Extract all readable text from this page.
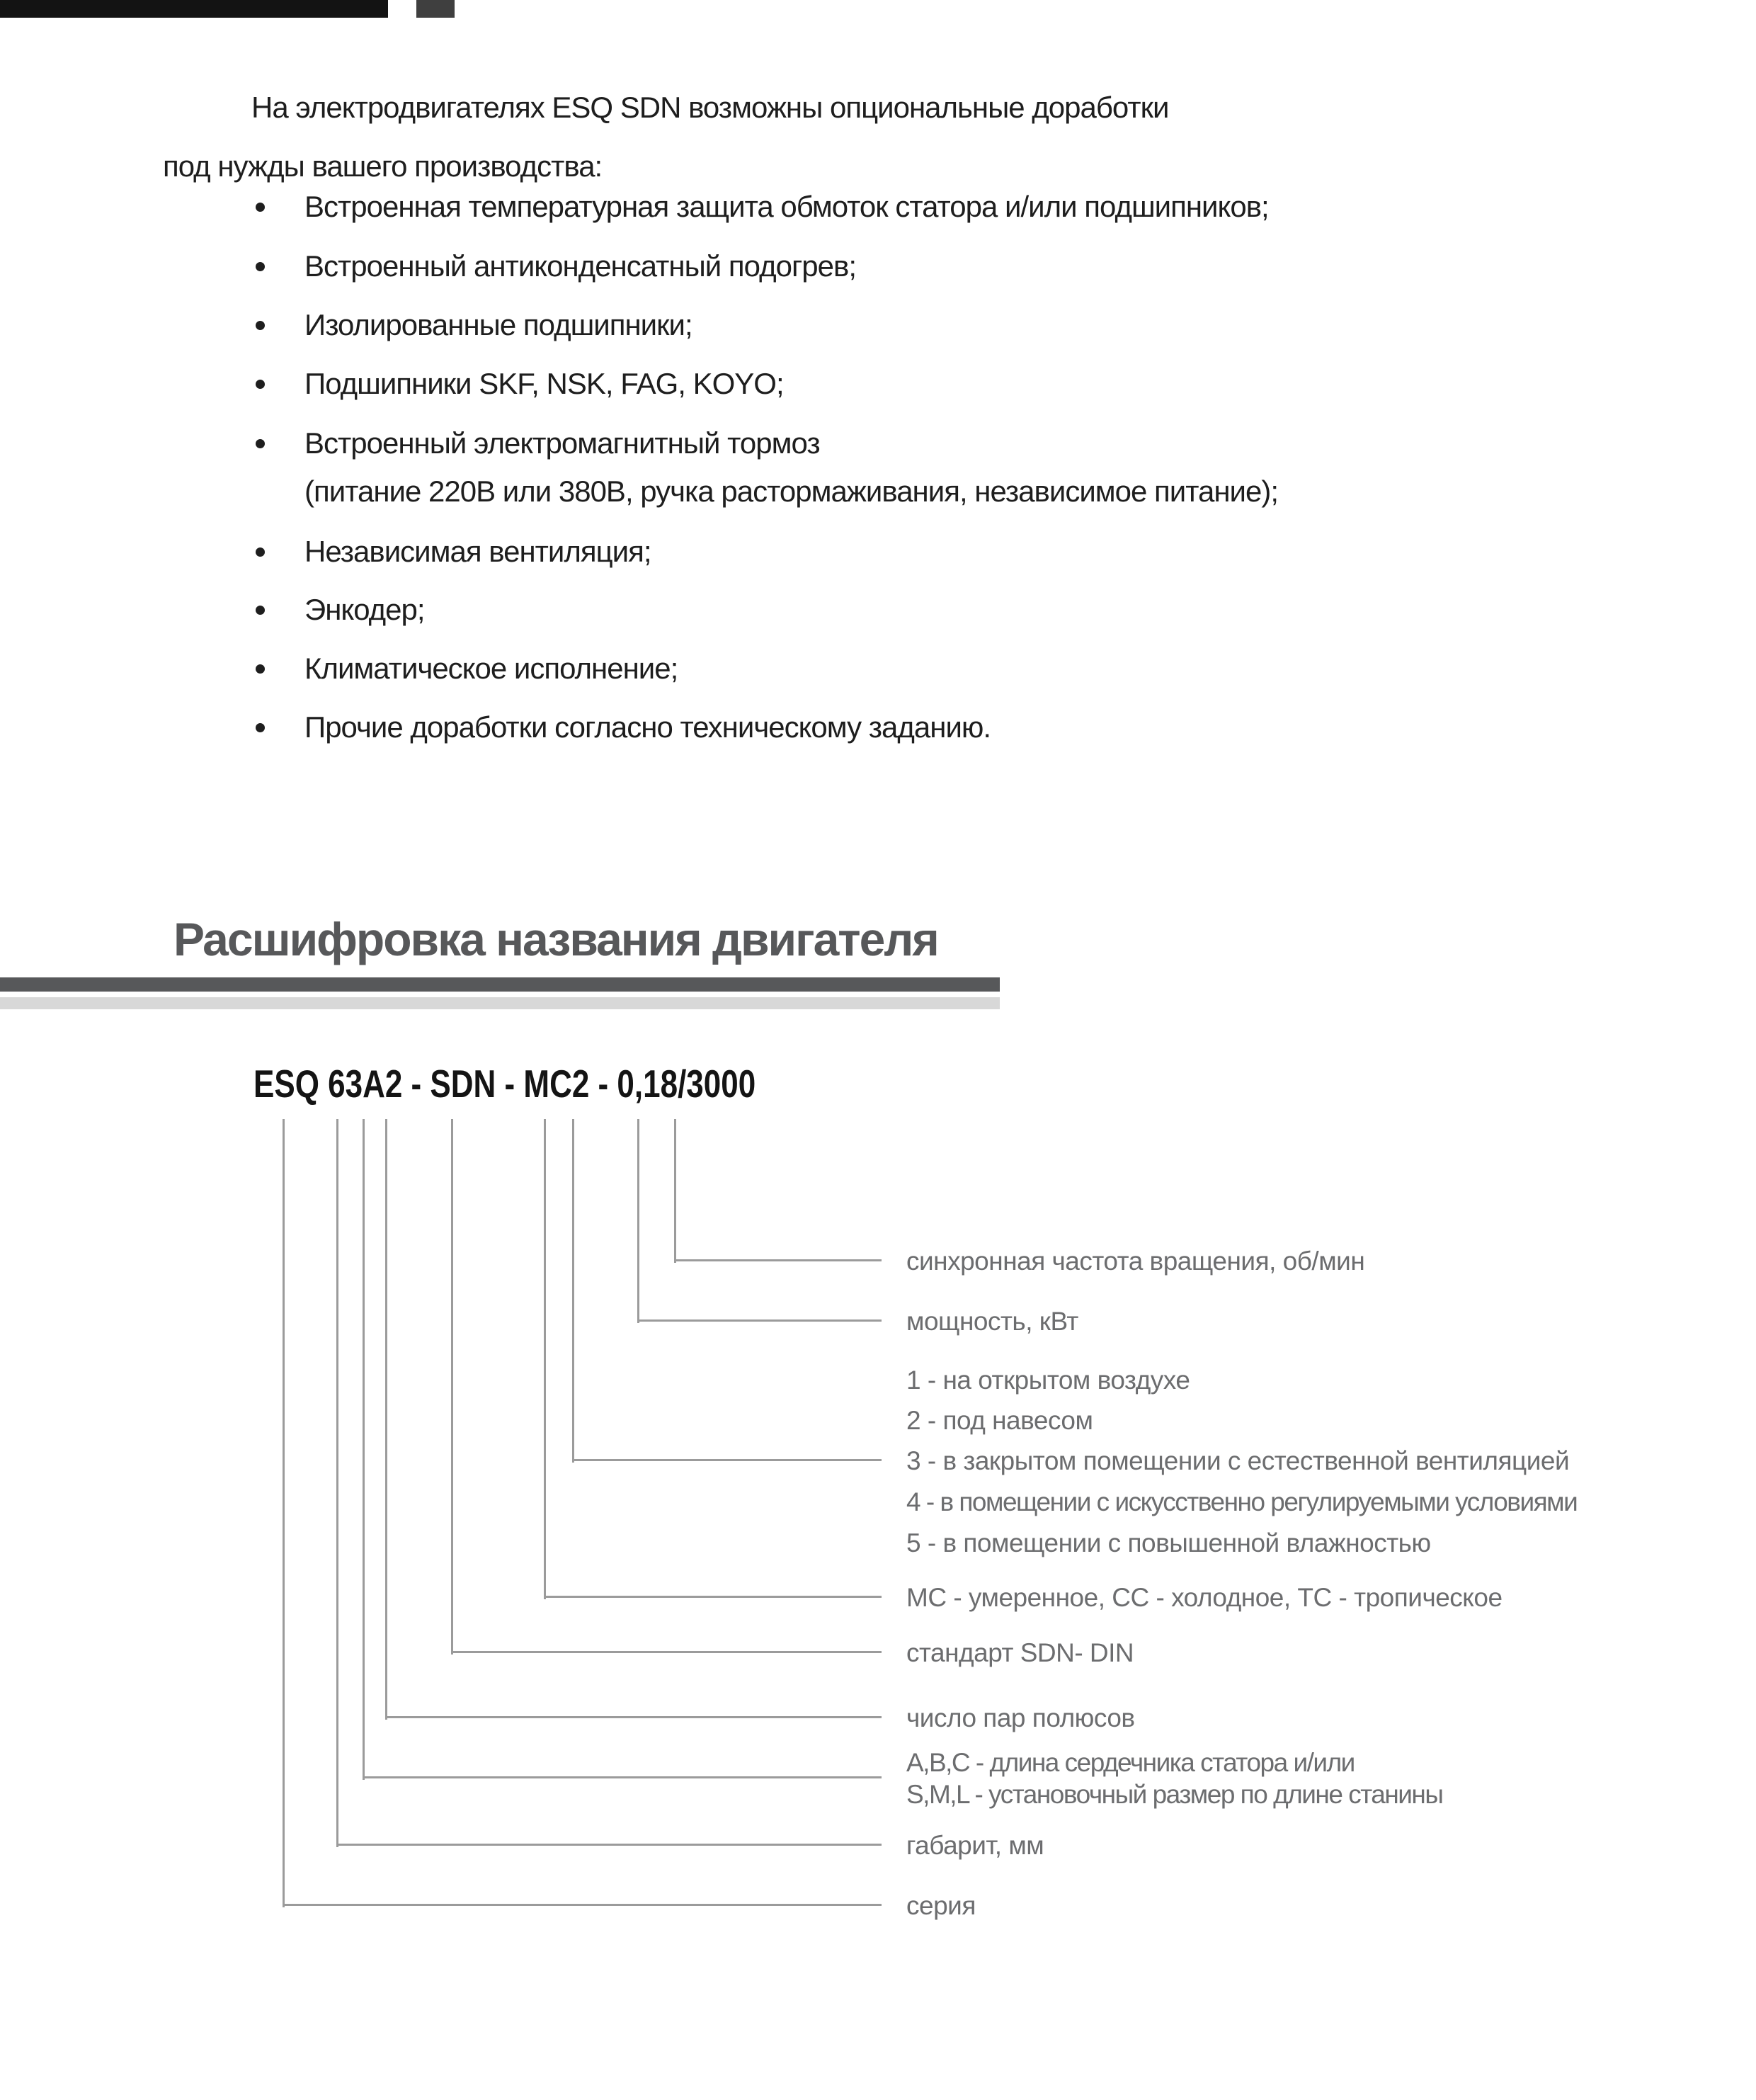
На электродвигателях ESQ SDN возможны опциональные доработки
под нужды вашего производства:
Встроенная температурная защита обмоток статора и/или подшипников;
Встроенный антиконденсатный подогрев;
Изолированные подшипники;
Подшипники SKF, NSK, FAG, KOYO;
Встроенный электромагнитный тормоз
(питание 220В или 380В, ручка растормаживания, независимое питание);
Независимая вентиляция;
Энкодер;
Климатическое исполнение;
Прочие доработки согласно техническому заданию.
Расшифровка названия двигателя
ESQ 63A2 - SDN - MC2 - 0,18/3000
синхронная частота вращения, об/мин
мощность, кВт
1 - на открытом воздухе
2 - под навесом
3 - в закрытом помещении с естественной вентиляцией
4 - в помещении с искусственно регулируемыми условиями
5 - в помещении с повышенной влажностью
МС - умеренное, СС - холодное, ТС - тропическое
стандарт SDN- DIN
число пар полюсов
A,B,C - длина сердечника статора и/или
S,M,L - установочный размер по длине станины
габарит, мм
серия
